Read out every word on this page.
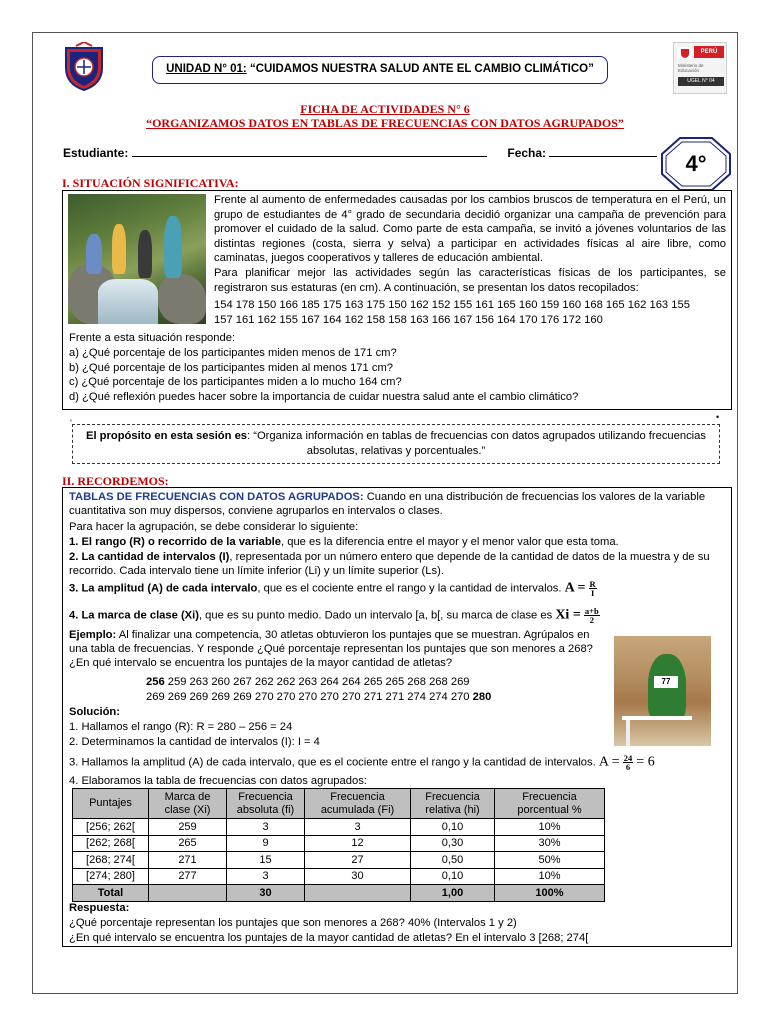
PERÚ
Ministerio de Educación
UGEL N° 04
UNIDAD N° 01: “CUIDAMOS NUESTRA SALUD ANTE EL CAMBIO CLIMÁTICO”
FICHA DE ACTIVIDADES N° 6
“ORGANIZAMOS DATOS EN TABLAS DE FRECUENCIAS CON DATOS AGRUPADOS”
Estudiante:	Fecha:	4°
I. SITUACIÓN SIGNIFICATIVA:

Frente al aumento de enfermedades causadas por los cambios bruscos de temperatura en el Perú, un grupo de estudiantes de 4° grado de secundaria decidió organizar una campaña de prevención para promover el cuidado de la salud. Como parte de esta campaña, se invitó a jóvenes voluntarios de las distintas regiones (costa, sierra y selva) a participar en actividades físicas al aire libre, como caminatas, juegos cooperativos y talleres de educación ambiental.

Para planificar mejor las actividades según las características físicas de los participantes, se registraron sus estaturas (en cm). A continuación, se presentan los datos recopilados:

154 178 150 166 185 175 163 175 150 162 152 155 161 165 160 159 160 168 165 162 163 155
157 161 162 155 167 164 162 158 158 163 166 167 156 164 170 176 172 160
Frente a esta situación responde:
a) ¿Qué porcentaje de los participantes miden menos de 171 cm?
b) ¿Qué porcentaje de los participantes miden al menos 171 cm?
c) ¿Qué porcentaje de los participantes miden a lo mucho 164 cm?
d) ¿Qué reflexión puedes hacer sobre la importancia de cuidar nuestra salud ante el cambio climático?
El propósito en esta sesión es: “Organiza información en tablas de frecuencias con datos agrupados utilizando frecuencias absolutas, relativas y porcentuales.”
‘
•
II. RECORDEMOS:
TABLAS DE FRECUENCIAS CON DATOS AGRUPADOS: Cuando en una distribución de frecuencias los valores de la variable cuantitativa son muy dispersos, conviene agruparlos en intervalos o clases.
Para hacer la agrupación, se debe considerar lo siguiente:
1. El rango (R) o recorrido de la variable, que es la diferencia entre el mayor y el menor valor que esta toma.
2. La cantidad de intervalos (I), representada por un número entero que depende de la cantidad de datos de la muestra y de su recorrido. Cada intervalo tiene un límite inferior (Li) y un límite superior (Ls).
3. La amplitud (A) de cada intervalo, que es el cociente entre el rango y la cantidad de intervalos. $A = \frac{R}{I}$
4. La marca de clase (Xi), que es su punto medio. Dado un intervalo [a, b[, su marca de clase es $Xi = \frac{a+b}{2}$
Ejemplo: Al finalizar una competencia, 30 atletas obtuvieron los puntajes que se muestran. Agrúpalos en una tabla de frecuencias. Y responde ¿Qué porcentaje representan los puntajes que son menores a 268? ¿En qué intervalo se encuentra los puntajes de la mayor cantidad de atletas?
77
256 259 263 260 267 262 262 263 264 264 265 265 268 268 269
269 269 269 269 269 270 270 270 270 270 271 271 274 274 270 280
Solución:
1. Hallamos el rango (R): R = 280 – 256 = 24
2. Determinamos la cantidad de intervalos (I): I = 4
3. Hallamos la amplitud (A) de cada intervalo, que es el cociente entre el rango y la cantidad de intervalos. $A = \frac{24}{6} = 6$
4. Elaboramos la tabla de frecuencias con datos agrupados:
Puntajes	Marca de clase (Xi)	Frecuencia absoluta (fi)	Frecuencia acumulada (Fi)	Frecuencia relativa (hi)	Frecuencia porcentual %
[256; 262[	259	3	3	0,10	10%
[262; 268[	265	9	12	0,30	30%
[268; 274[	271	15	27	0,50	50%
[274; 280]	277	3	30	0,10	10%
Total		30		1,00	100%
Respuesta:
¿Qué porcentaje representan los puntajes que son menores a 268? 40% (Intervalos 1 y 2)
¿En qué intervalo se encuentra los puntajes de la mayor cantidad de atletas? En el intervalo 3 [268; 274[
